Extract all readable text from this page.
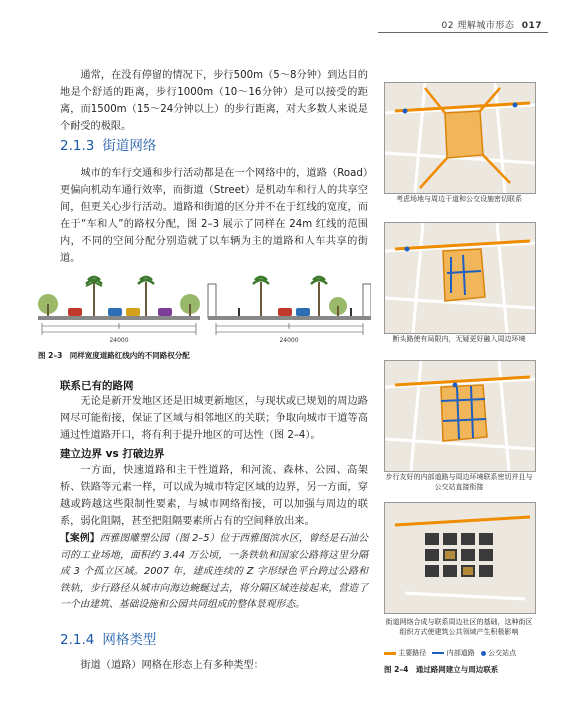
02 理解城市形态 017

通常，在没有停留的情况下，步行500m（5～8分钟）到达目的地是个舒适的距离，步行1000m（10～16分钟）是可以接受的距离，而1500m（15～24分钟以上）的步行距离，对大多数人来说是个耐受的极限。

2.1.3 街道网络

城市的车行交通和步行活动都是在一个网络中的，道路（Road）更偏向机动车通行效率，而街道（Street）是机动车和行人的共享空间，但更关心步行活动。道路和街道的区分并不在于红线的宽度，而在于“车和人”的路权分配，图 2–3 展示了同样在 24m 红线的范围内，不同的空间分配分别造就了以车辆为主的道路和人车共享的街道。

24000	24000
图 2–3　同样宽度道路红线内的不同路权分配
联系已有的路网

无论是新开发地区还是旧城更新地区，与现状或已规划的周边路网尽可能衔接，保证了区域与相邻地区的关联；争取向城市干道等高通过性道路开口，将有利于提升地区的可达性（图 2–4）。

建立边界 vs 打破边界

一方面，快速道路和主干性道路，和河流、森林、公园、高架桥、铁路等元素一样，可以成为城市特定区域的边界，另一方面，穿越或跨越这些限制性要素，与城市网络衔接，可以加强与周边的联系，弱化阻隔，甚至把阻隔要素所占有的空间释放出来。

【案例】西雅图雕塑公园（图 2–5）位于西雅图滨水区，曾经是石油公司的工业场地，面积约 3.44 万公顷，一条铁轨和国家公路将这里分隔成 3 个孤立区域。2007 年，建成连续的 Z 字形绿色平台跨过公路和铁轨，步行路径从城市向海边蜿蜒过去，将分隔区域连接起来，营造了一个由建筑、基础设施和公园共同组成的整体景观形态。
2.1.4 网格类型

街道（道路）网格在形态上有多种类型：

考虑场地与周边干道和公交设施密切联系
断头路使有局限内，无疑更好融入周边环境
步行友好的内部道路与周边环境联系密切并且与公交站直接衔接
街道网络合成与联系周边社区的基础，这种街区组织方式使建筑公共领域产生积极影响
主要路径	内部道路 公交站点
图 2–4　通过路网建立与周边联系
